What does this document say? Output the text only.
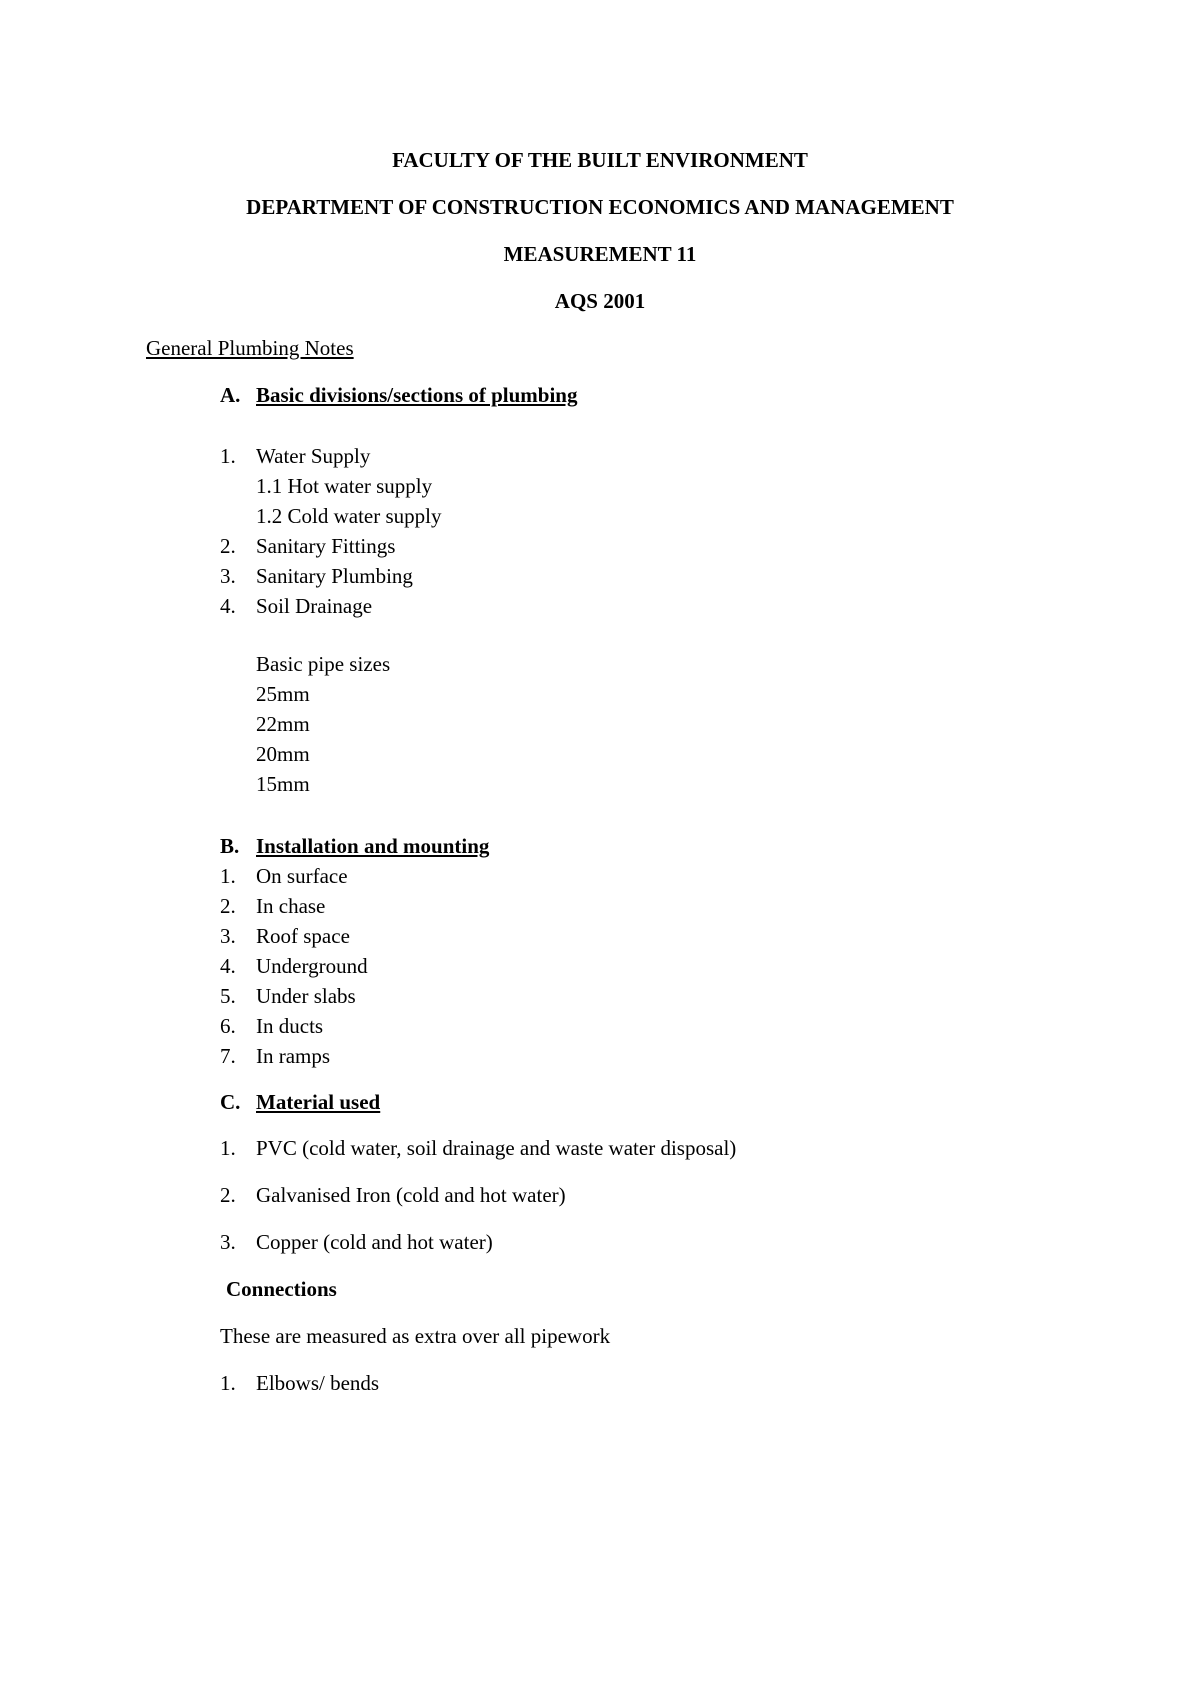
FACULTY OF THE BUILT ENVIRONMENT
DEPARTMENT OF CONSTRUCTION ECONOMICS AND MANAGEMENT
MEASUREMENT 11
AQS 2001
General Plumbing Notes
A. Basic divisions/sections of plumbing
1. Water Supply
1.1 Hot water supply
1.2 Cold water supply
2. Sanitary Fittings
3. Sanitary Plumbing
4. Soil Drainage
Basic pipe sizes
25mm
22mm
20mm
15mm
B. Installation and mounting
1. On surface
2. In chase
3. Roof space
4. Underground
5. Under slabs
6. In ducts
7. In ramps
C. Material used
1. PVC (cold water, soil drainage and waste water disposal)
2. Galvanised Iron (cold and hot water)
3. Copper (cold and hot water)
Connections
These are measured as extra over all pipework
1. Elbows/ bends
